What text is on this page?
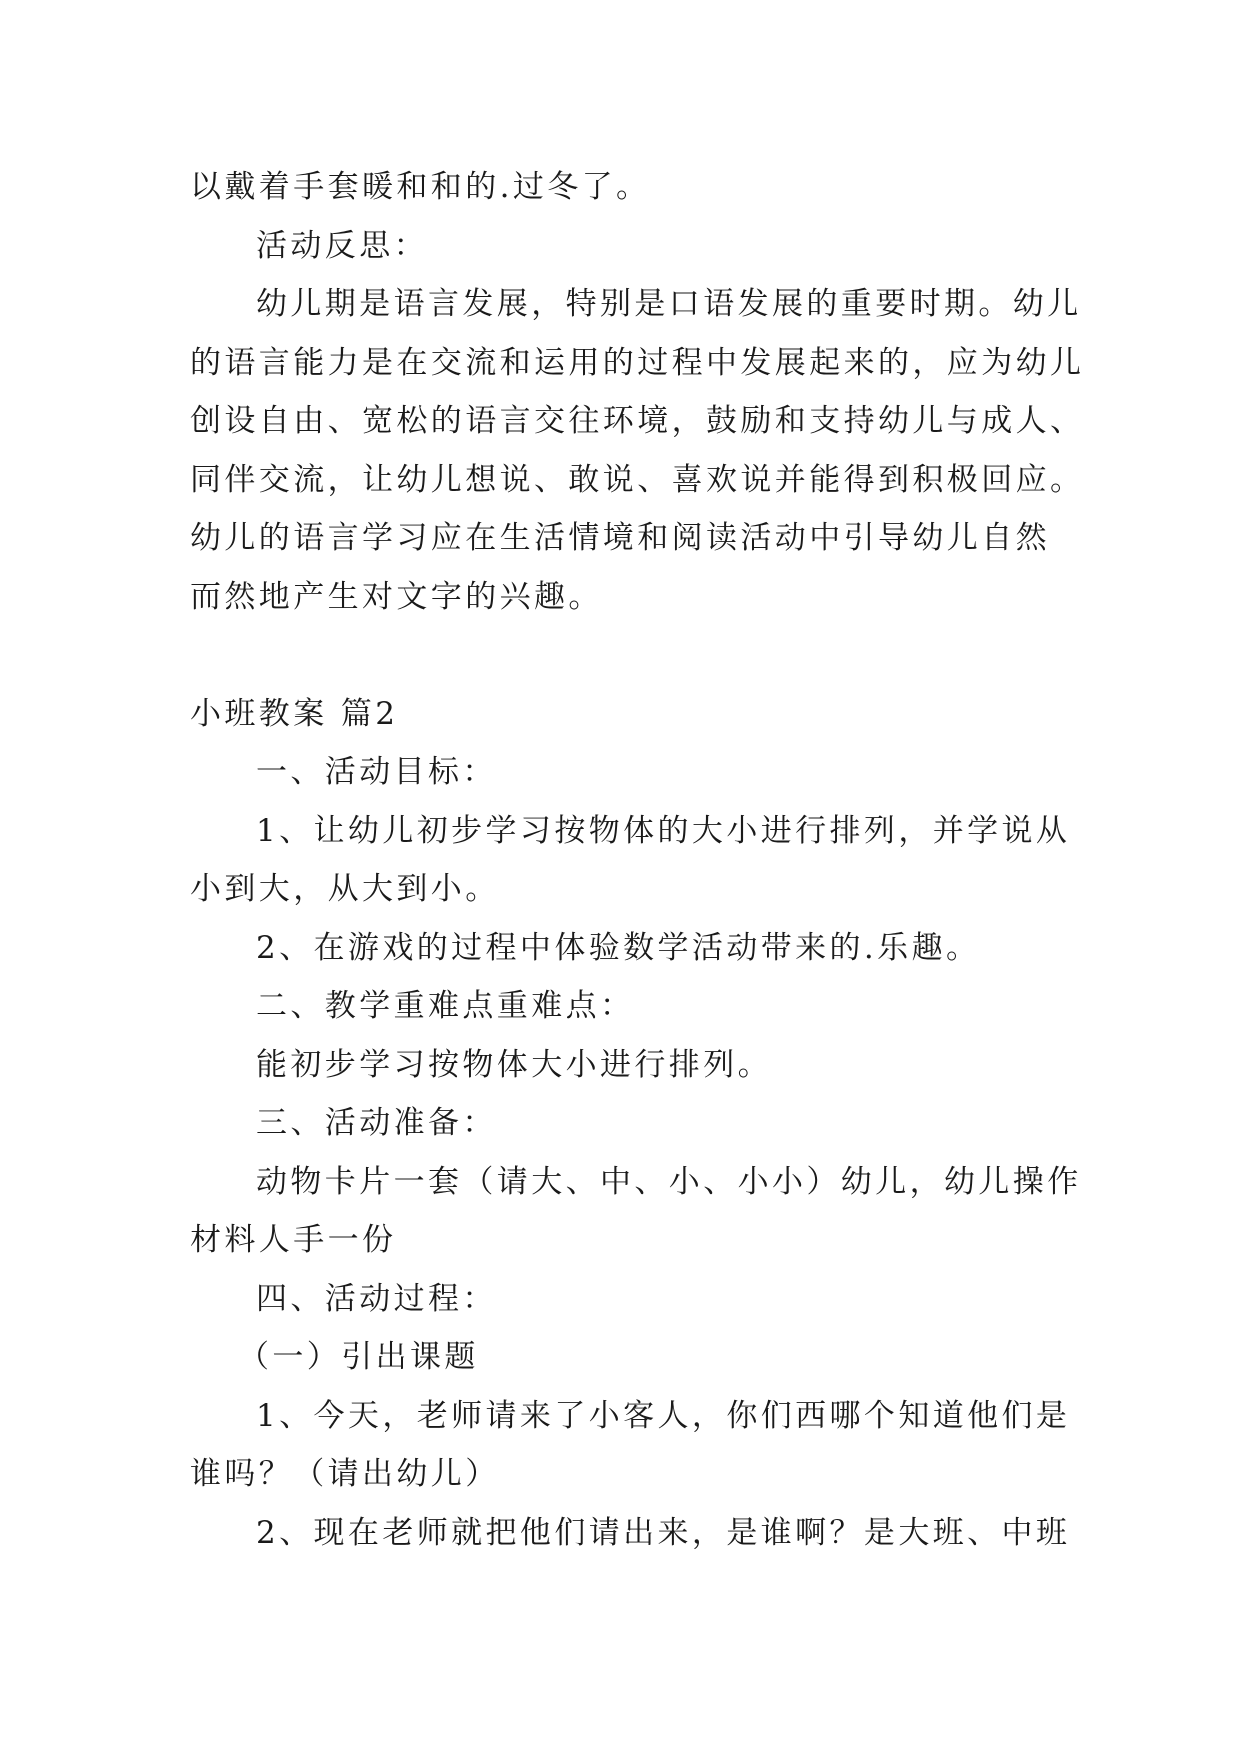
以戴着手套暖和和的.过冬了。
活动反思：
幼儿期是语言发展，特别是口语发展的重要时期。幼儿
的语言能力是在交流和运用的过程中发展起来的，应为幼儿
创设自由、宽松的语言交往环境，鼓励和支持幼儿与成人、
同伴交流，让幼儿想说、敢说、喜欢说并能得到积极回应。
幼儿的语言学习应在生活情境和阅读活动中引导幼儿自然
而然地产生对文字的兴趣。
小班教案 篇2
一、活动目标：
1、让幼儿初步学习按物体的大小进行排列，并学说从
小到大，从大到小。
2、在游戏的过程中体验数学活动带来的.乐趣。
二、教学重难点重难点：
能初步学习按物体大小进行排列。
三、活动准备：
动物卡片一套（请大、中、小、小小）幼儿，幼儿操作
材料人手一份
四、活动过程：
（一）引出课题
1、今天，老师请来了小客人，你们西哪个知道他们是
谁吗？（请出幼儿）
2、现在老师就把他们请出来，是谁啊？是大班、中班
